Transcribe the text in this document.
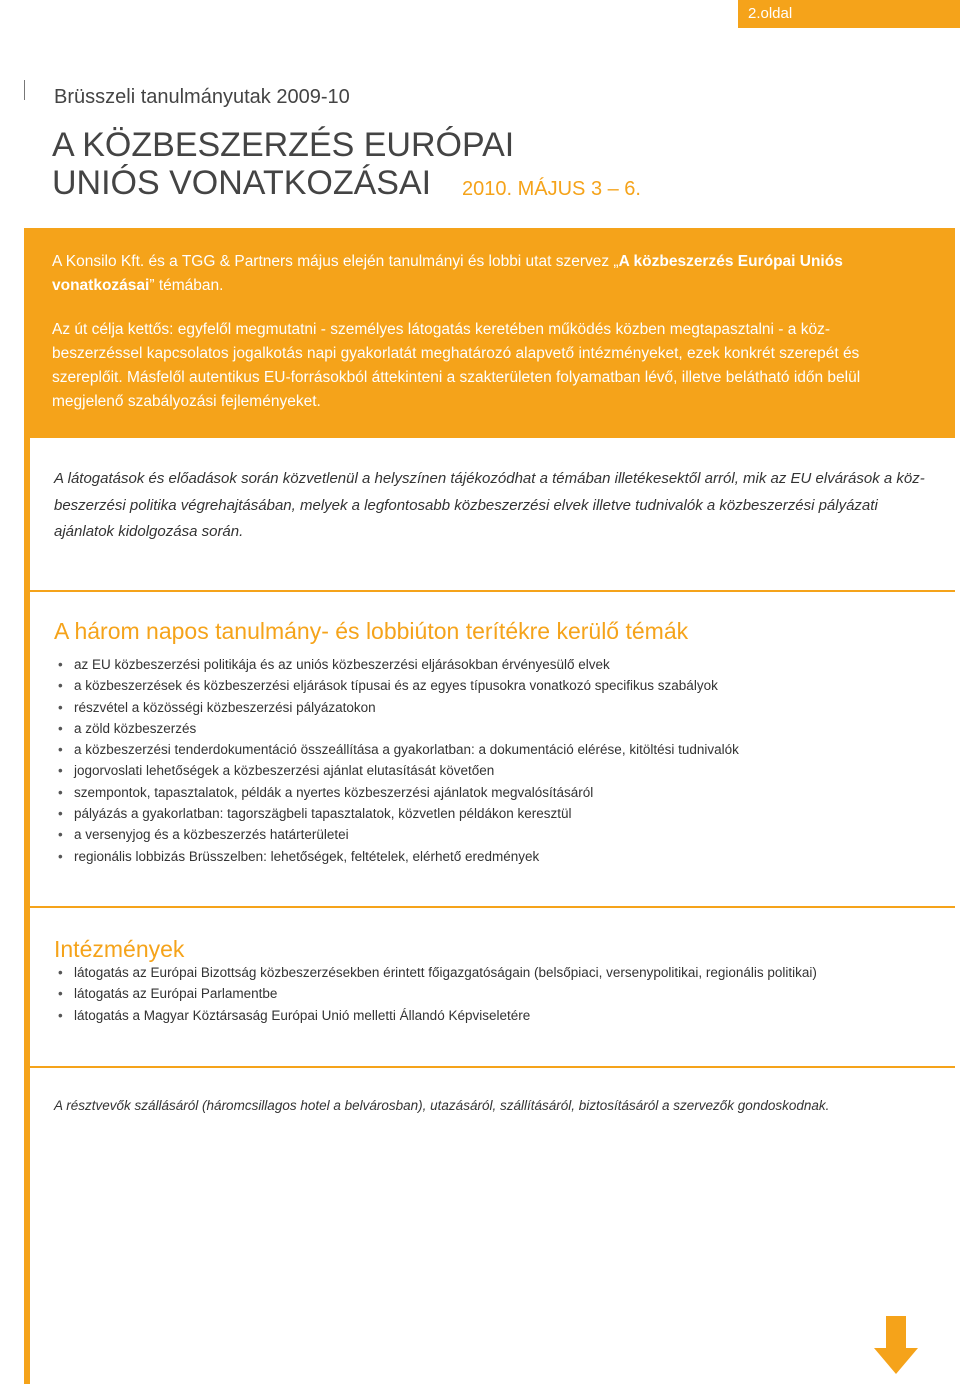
2.oldal
Brüsszeli tanulmányutak 2009-10
A KÖZBESZERZÉS EURÓPAI
UNIÓS VONATKOZÁSAI	2010. MÁJUS 3 – 6.
A Konsilo Kft. és a TGG & Partners május elején tanulmányi és lobbi utat szervez „A közbeszerzés Európai Uniós vonatkozásai” témában.
Az út célja kettős: egyfelől megmutatni - személyes látogatás keretében működés közben megtapasztalni - a köz-beszerzéssel kapcsolatos jogalkotás napi gyakorlatát meghatározó alapvető intézményeket, ezek konkrét szerepét és szereplőit. Másfelől autentikus EU-forrásokból áttekinteni a szakterületen folyamatban lévő, illetve belátható időn belül megjelenő szabályozási fejleményeket.
A látogatások és előadások során közvetlenül a helyszínen tájékozódhat a témában illetékesektől arról, mik az EU elvárások a köz-beszerzési politika végrehajtásában, melyek a legfontosabb közbeszerzési elvek illetve tudnivalók a közbeszerzési pályázati ajánlatok kidolgozása során.
A három napos tanulmány- és lobbiúton terítékre kerülő témák
• az EU közbeszerzési politikája és az uniós közbeszerzési eljárásokban érvényesülő elvek
• a közbeszerzések és közbeszerzési eljárások típusai és az egyes típusokra vonatkozó specifikus szabályok
• részvétel a közösségi közbeszerzési pályázatokon
• a zöld közbeszerzés
• a közbeszerzési tenderdokumentáció összeállítása a gyakorlatban: a dokumentáció elérése, kitöltési tudnivalók
• jogorvoslati lehetőségek a közbeszerzési ajánlat elutasítását követően
• szempontok, tapasztalatok, példák a nyertes közbeszerzési ajánlatok megvalósításáról
• pályázás a gyakorlatban: tagorszägbeli tapasztalatok, közvetlen példákon keresztül
• a versenyjog és a közbeszerzés határterületei
• regionális lobbizás Brüsszelben: lehetőségek, feltételek, elérhető eredmények
Intézmények
• látogatás az Európai Bizottság közbeszerzésekben érintett főigazgatóságain (belsőpiaci, versenypolitikai, regionális politikai)
• látogatás az Európai Parlamentbe
• látogatás a Magyar Köztársaság Európai Unió melletti Állandó Képviseletére
A résztvevők szállásáról (háromcsillagos hotel a belvárosban), utazásáról, szállításáról, biztosításáról a szervezők gondoskodnak.
